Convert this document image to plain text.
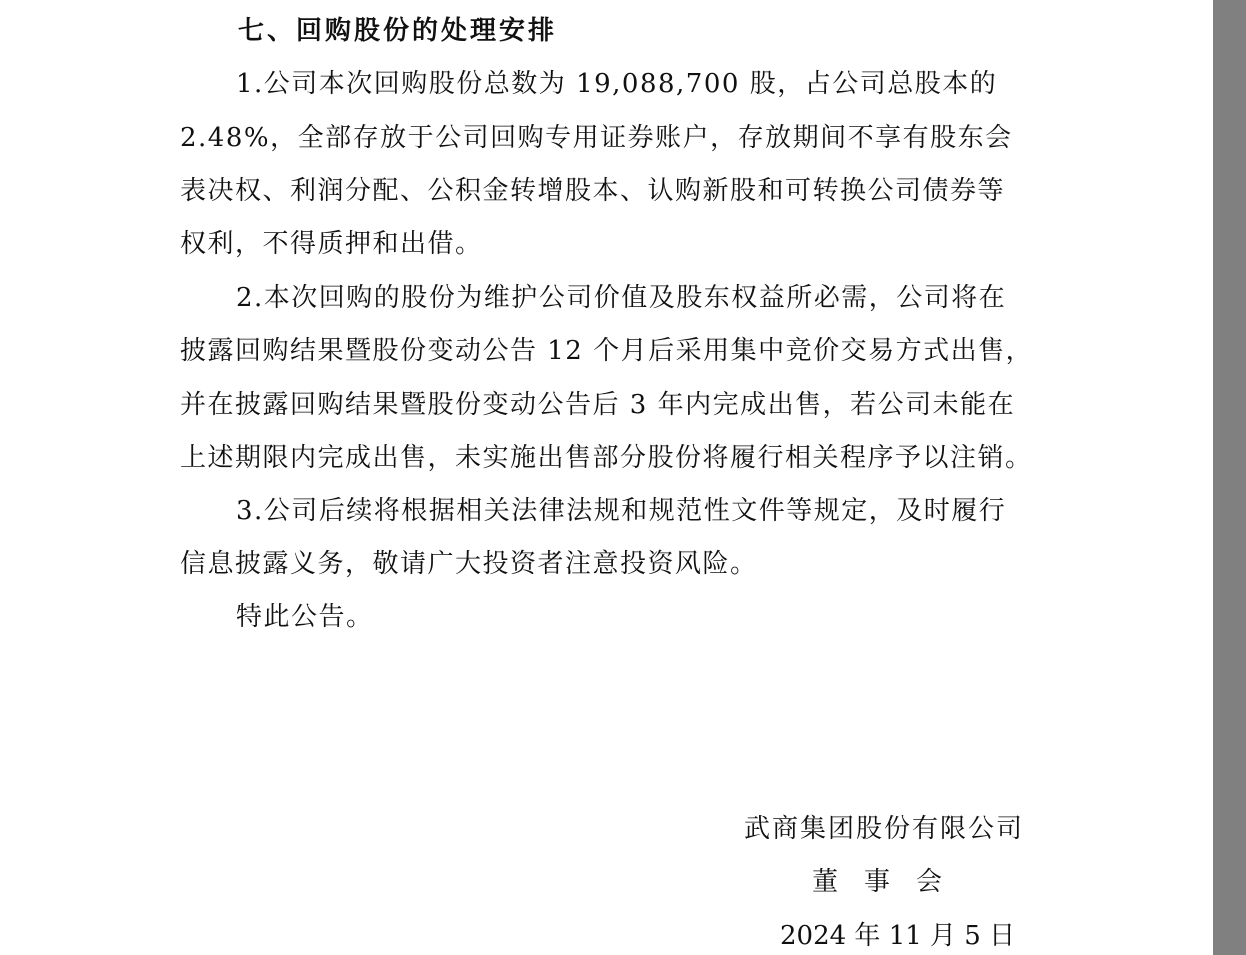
七、回购股份的处理安排
1.公司本次回购股份总数为 19,088,700 股，占公司总股本的
2.48%，全部存放于公司回购专用证券账户，存放期间不享有股东会
表决权、利润分配、公积金转增股本、认购新股和可转换公司债券等
权利，不得质押和出借。
2.本次回购的股份为维护公司价值及股东权益所必需，公司将在
披露回购结果暨股份变动公告 12 个月后采用集中竞价交易方式出售，
并在披露回购结果暨股份变动公告后 3 年内完成出售，若公司未能在
上述期限内完成出售，未实施出售部分股份将履行相关程序予以注销。
3.公司后续将根据相关法律法规和规范性文件等规定，及时履行
信息披露义务，敬请广大投资者注意投资风险。
特此公告。
武商集团股份有限公司
董　事　会
2024 年 11 月 5 日
